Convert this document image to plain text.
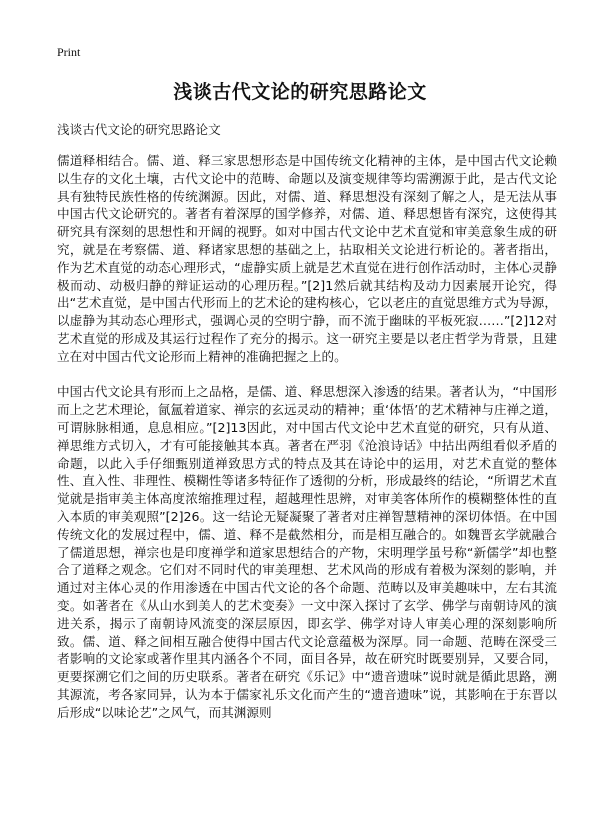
Print
浅谈古代文论的研究思路论文
浅谈古代文论的研究思路论文

儒道释相结合。儒、道、释三家思想形态是中国传统文化精神的主体，是中国古代文论赖以生存的文化土壤，古代文论中的范畴、命题以及演变规律等均需溯源于此，是古代文论具有独特民族性格的传统渊源。因此，对儒、道、释思想没有深刻了解之人，是无法从事中国古代文论研究的。著者有着深厚的国学修养，对儒、道、释思想皆有深究，这使得其研究具有深刻的思想性和开阔的视野。如对中国古代文论中艺术直觉和审美意象生成的研究，就是在考察儒、道、释诸家思想的基础之上，拈取相关文论进行析论的。著者指出，作为艺术直觉的动态心理形式，“虚静实质上就是艺术直觉在进行创作活动时，主体心灵静极而动、动极归静的辩证运动的心理历程。”[2]1然后就其结构及动力因素展开论究，得出“艺术直觉，是中国古代形而上的艺术论的建构核心，它以老庄的直觉思维方式为导源，以虚静为其动态心理形式，强调心灵的空明宁静，而不流于幽昧的平板死寂……”[2]12对艺术直觉的形成及其运行过程作了充分的揭示。这一研究主要是以老庄哲学为背景，且建立在对中国古代文论形而上精神的准确把握之上的。

中国古代文论具有形而上之品格，是儒、道、释思想深入渗透的结果。著者认为，“中国形而上之艺术理论，氤氲着道家、禅宗的玄远灵动的精神；重‘体悟’的艺术精神与庄禅之道，可谓脉脉相通，息息相应。”[2]13因此，对中国古代文论中艺术直觉的研究，只有从道、禅思维方式切入，才有可能接触其本真。著者在严羽《沧浪诗话》中拈出两组看似矛盾的命题，以此入手仔细甄别道禅致思方式的特点及其在诗论中的运用，对艺术直觉的整体性、直入性、非理性、模糊性等诸多特征作了透彻的分析，形成最终的结论，“所谓艺术直觉就是指审美主体高度浓缩推理过程，超越理性思辨，对审美客体所作的模糊整体性的直入本质的审美观照”[2]26。这一结论无疑凝聚了著者对庄禅智慧精神的深切体悟。在中国传统文化的发展过程中，儒、道、释不是截然相分，而是相互融合的。如魏晋玄学就融合了儒道思想，禅宗也是印度禅学和道家思想结合的产物，宋明理学虽号称“新儒学”却也整合了道释之观念。它们对不同时代的审美理想、艺术风尚的形成有着极为深刻的影响，并通过对主体心灵的作用渗透在中国古代文论的各个命题、范畴以及审美趣味中，左右其流变。如著者在《从山水到美人的艺术变奏》一文中深入探讨了玄学、佛学与南朝诗风的演进关系，揭示了南朝诗风流变的深层原因，即玄学、佛学对诗人审美心理的深刻影响所致。儒、道、释之间相互融合使得中国古代文论意蕴极为深厚。同一命题、范畴在深受三者影响的文论家或著作里其内涵各个不同，面目各异，故在研究时既要别异，又要合同，更要探溯它们之间的历史联系。著者在研究《乐记》中“遗音遗味”说时就是循此思路，溯其源流，考各家同异，认为本于儒家礼乐文化而产生的“遗音遗味”说，其影响在于东晋以后形成“以味论艺”之风气，而其渊源则
